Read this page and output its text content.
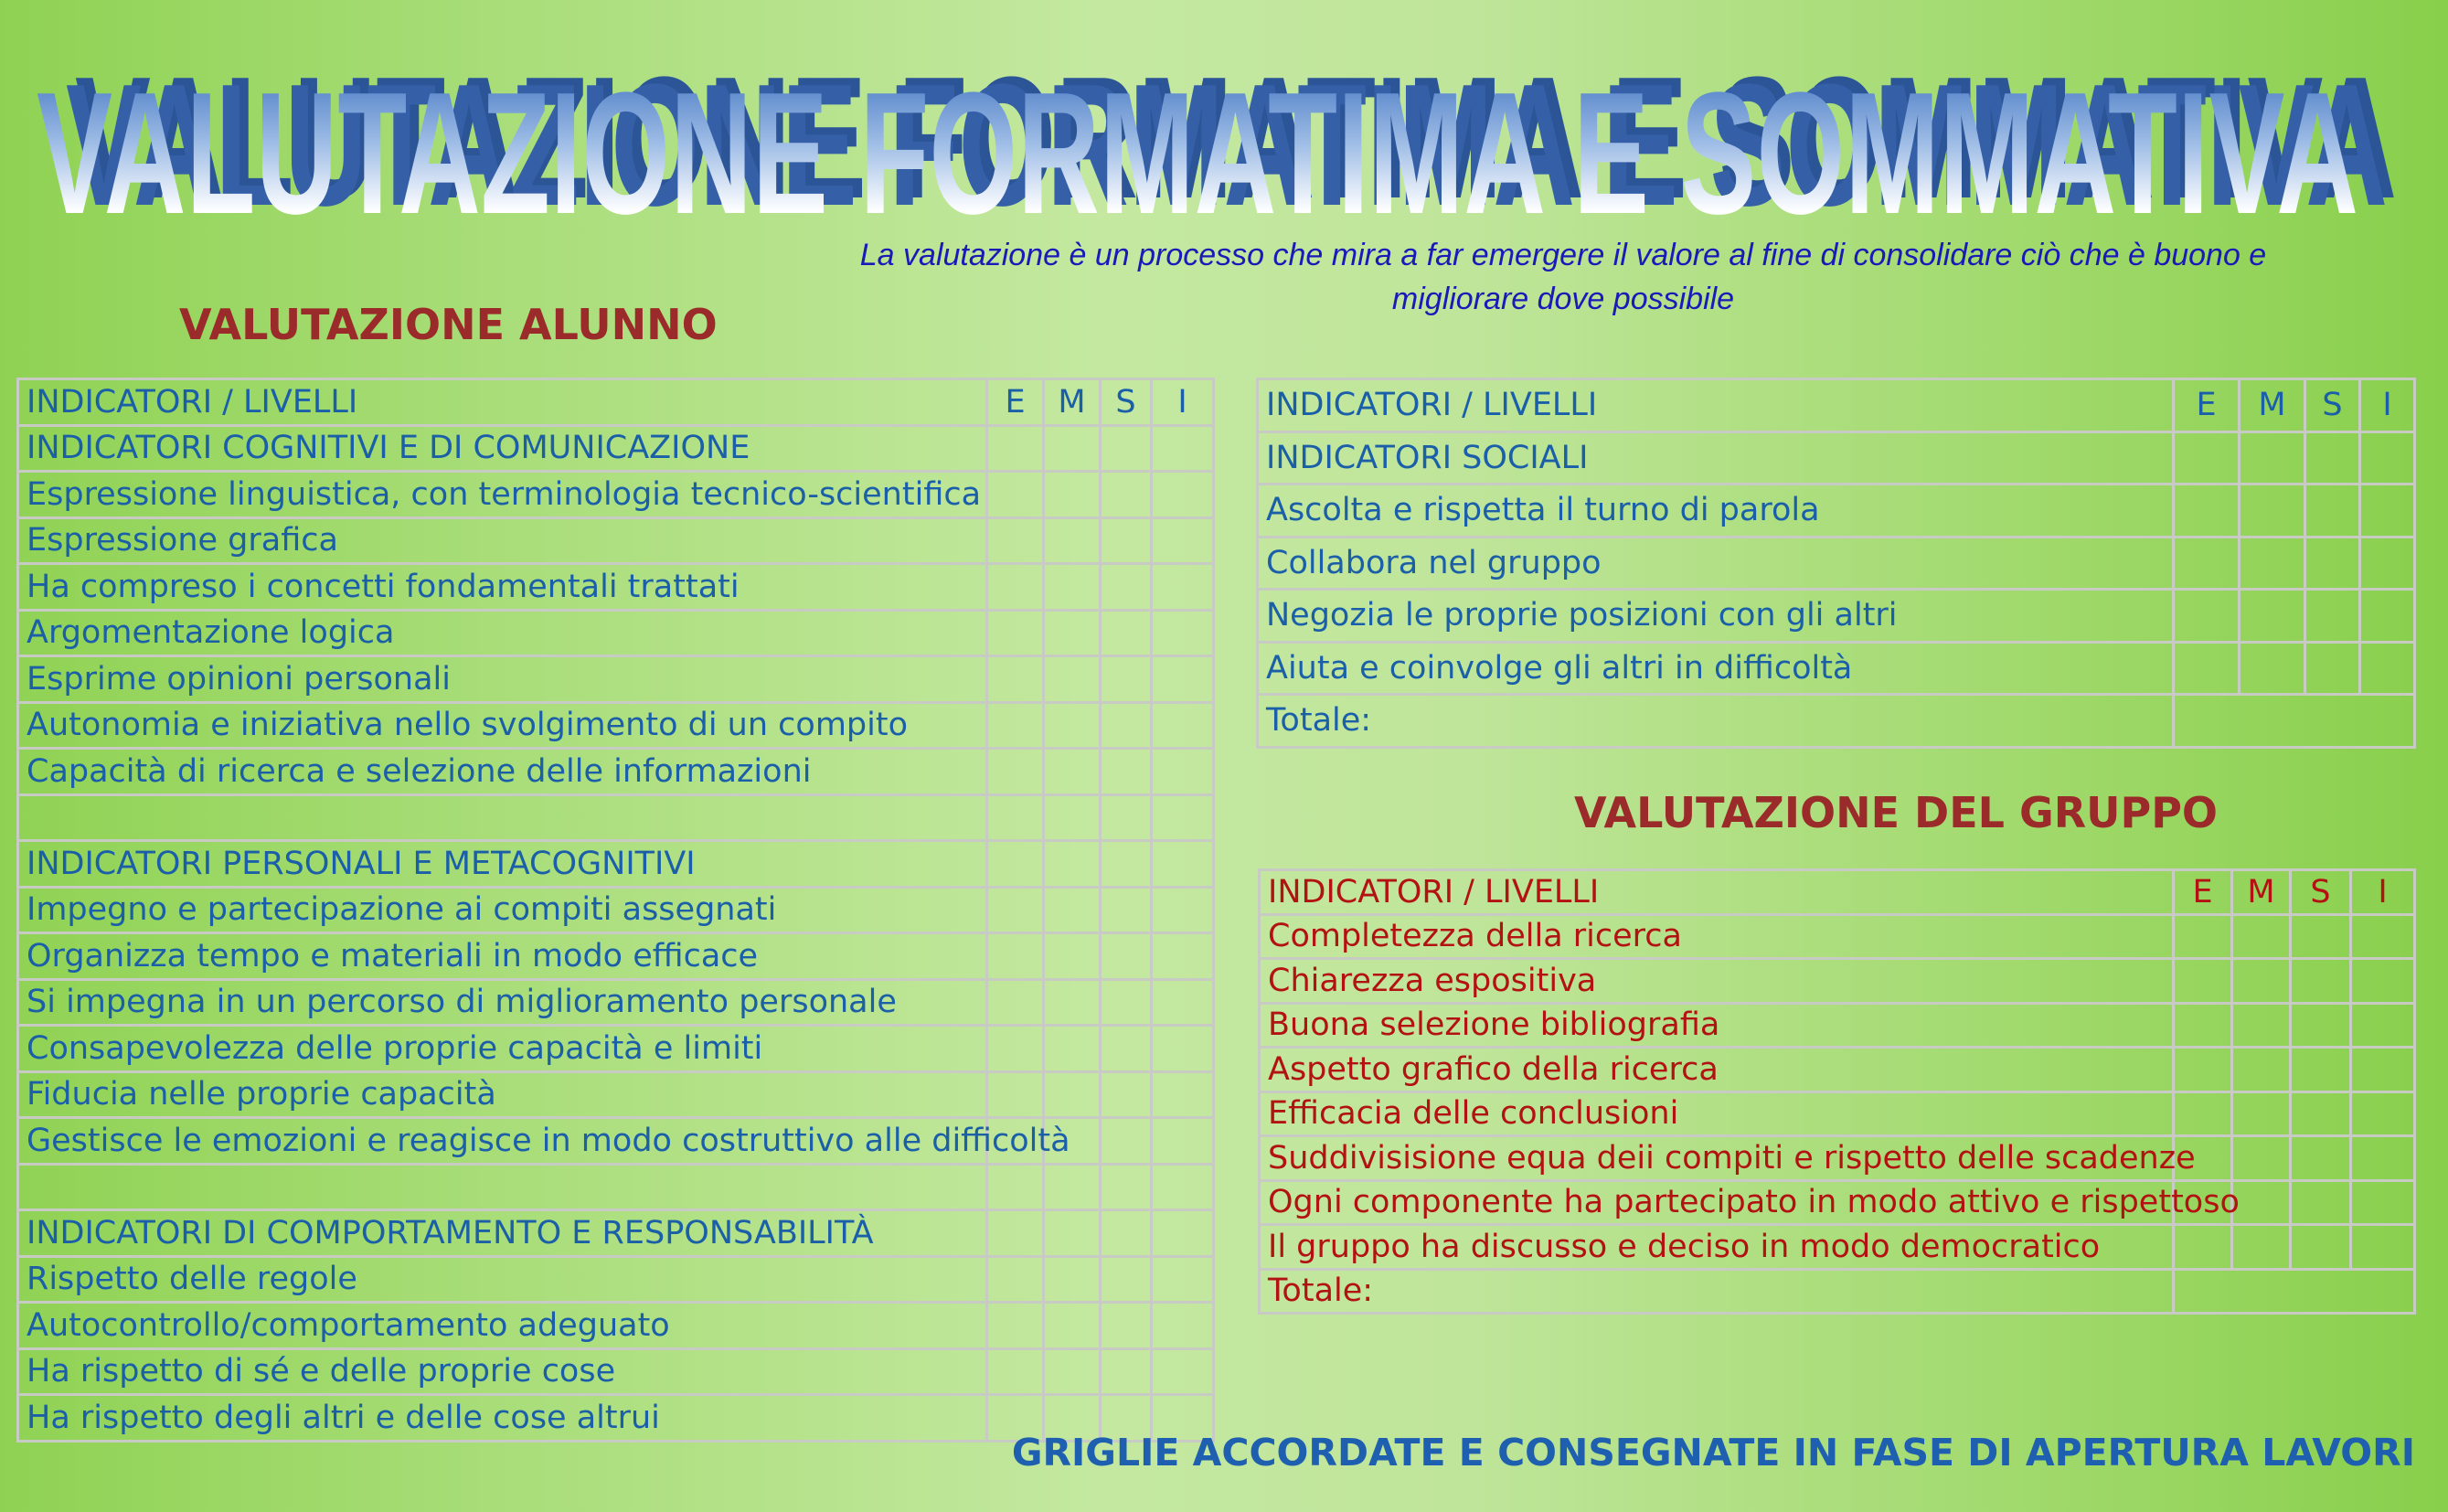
VALUTAZIONE FORMATIMA E SOMMATIVA
VALUTAZIONE FORMATIMA E SOMMATIVA
VALUTAZIONE FORMATIMA E SOMMATIVA
La valutazione è un processo che mira a far emergere il valore al fine di consolidare ciò che è buono e
migliorare dove possibile
VALUTAZIONE ALUNNO
VALUTAZIONE DEL GRUPPO
INDICATORI / LIVELLI	E	M	S	I
INDICATORI COGNITIVI E DI COMUNICAZIONE				
Espressione linguistica, con terminologia tecnico-scientifica				
Espressione grafica				
Ha compreso i concetti fondamentali trattati				
Argomentazione logica				
Esprime opinioni personali				
Autonomia e iniziativa nello svolgimento di un compito				
Capacità di ricerca e selezione delle informazioni				

INDICATORI PERSONALI E METACOGNITIVI				
Impegno e partecipazione ai compiti assegnati				
Organizza tempo e materiali in modo efficace				
Si impegna in un percorso di miglioramento personale				
Consapevolezza delle proprie capacità e limiti				
Fiducia nelle proprie capacità				
Gestisce le emozioni e reagisce in modo costruttivo alle difficoltà				

INDICATORI DI COMPORTAMENTO E RESPONSABILITÀ				
Rispetto delle regole				
Autocontrollo/comportamento adeguato				
Ha rispetto di sé e delle proprie cose				
Ha rispetto degli altri e delle cose altrui				
INDICATORI / LIVELLI	E	M	S	I
INDICATORI SOCIALI				
Ascolta e rispetta il turno di parola				
Collabora nel gruppo				
Negozia le proprie posizioni con gli altri				
Aiuta e coinvolge gli altri in difficoltà				
Totale:				
INDICATORI / LIVELLI	E	M	S	I
Completezza della ricerca				
Chiarezza espositiva				
Buona selezione bibliografia				
Aspetto grafico della ricerca				
Efficacia delle conclusioni				
Suddivisisione equa deii compiti e rispetto delle scadenze				
Ogni componente ha partecipato in modo attivo e rispettoso				
Il gruppo ha discusso e deciso in modo democratico				
Totale:				
GRIGLIE ACCORDATE E CONSEGNATE IN FASE DI APERTURA LAVORI
